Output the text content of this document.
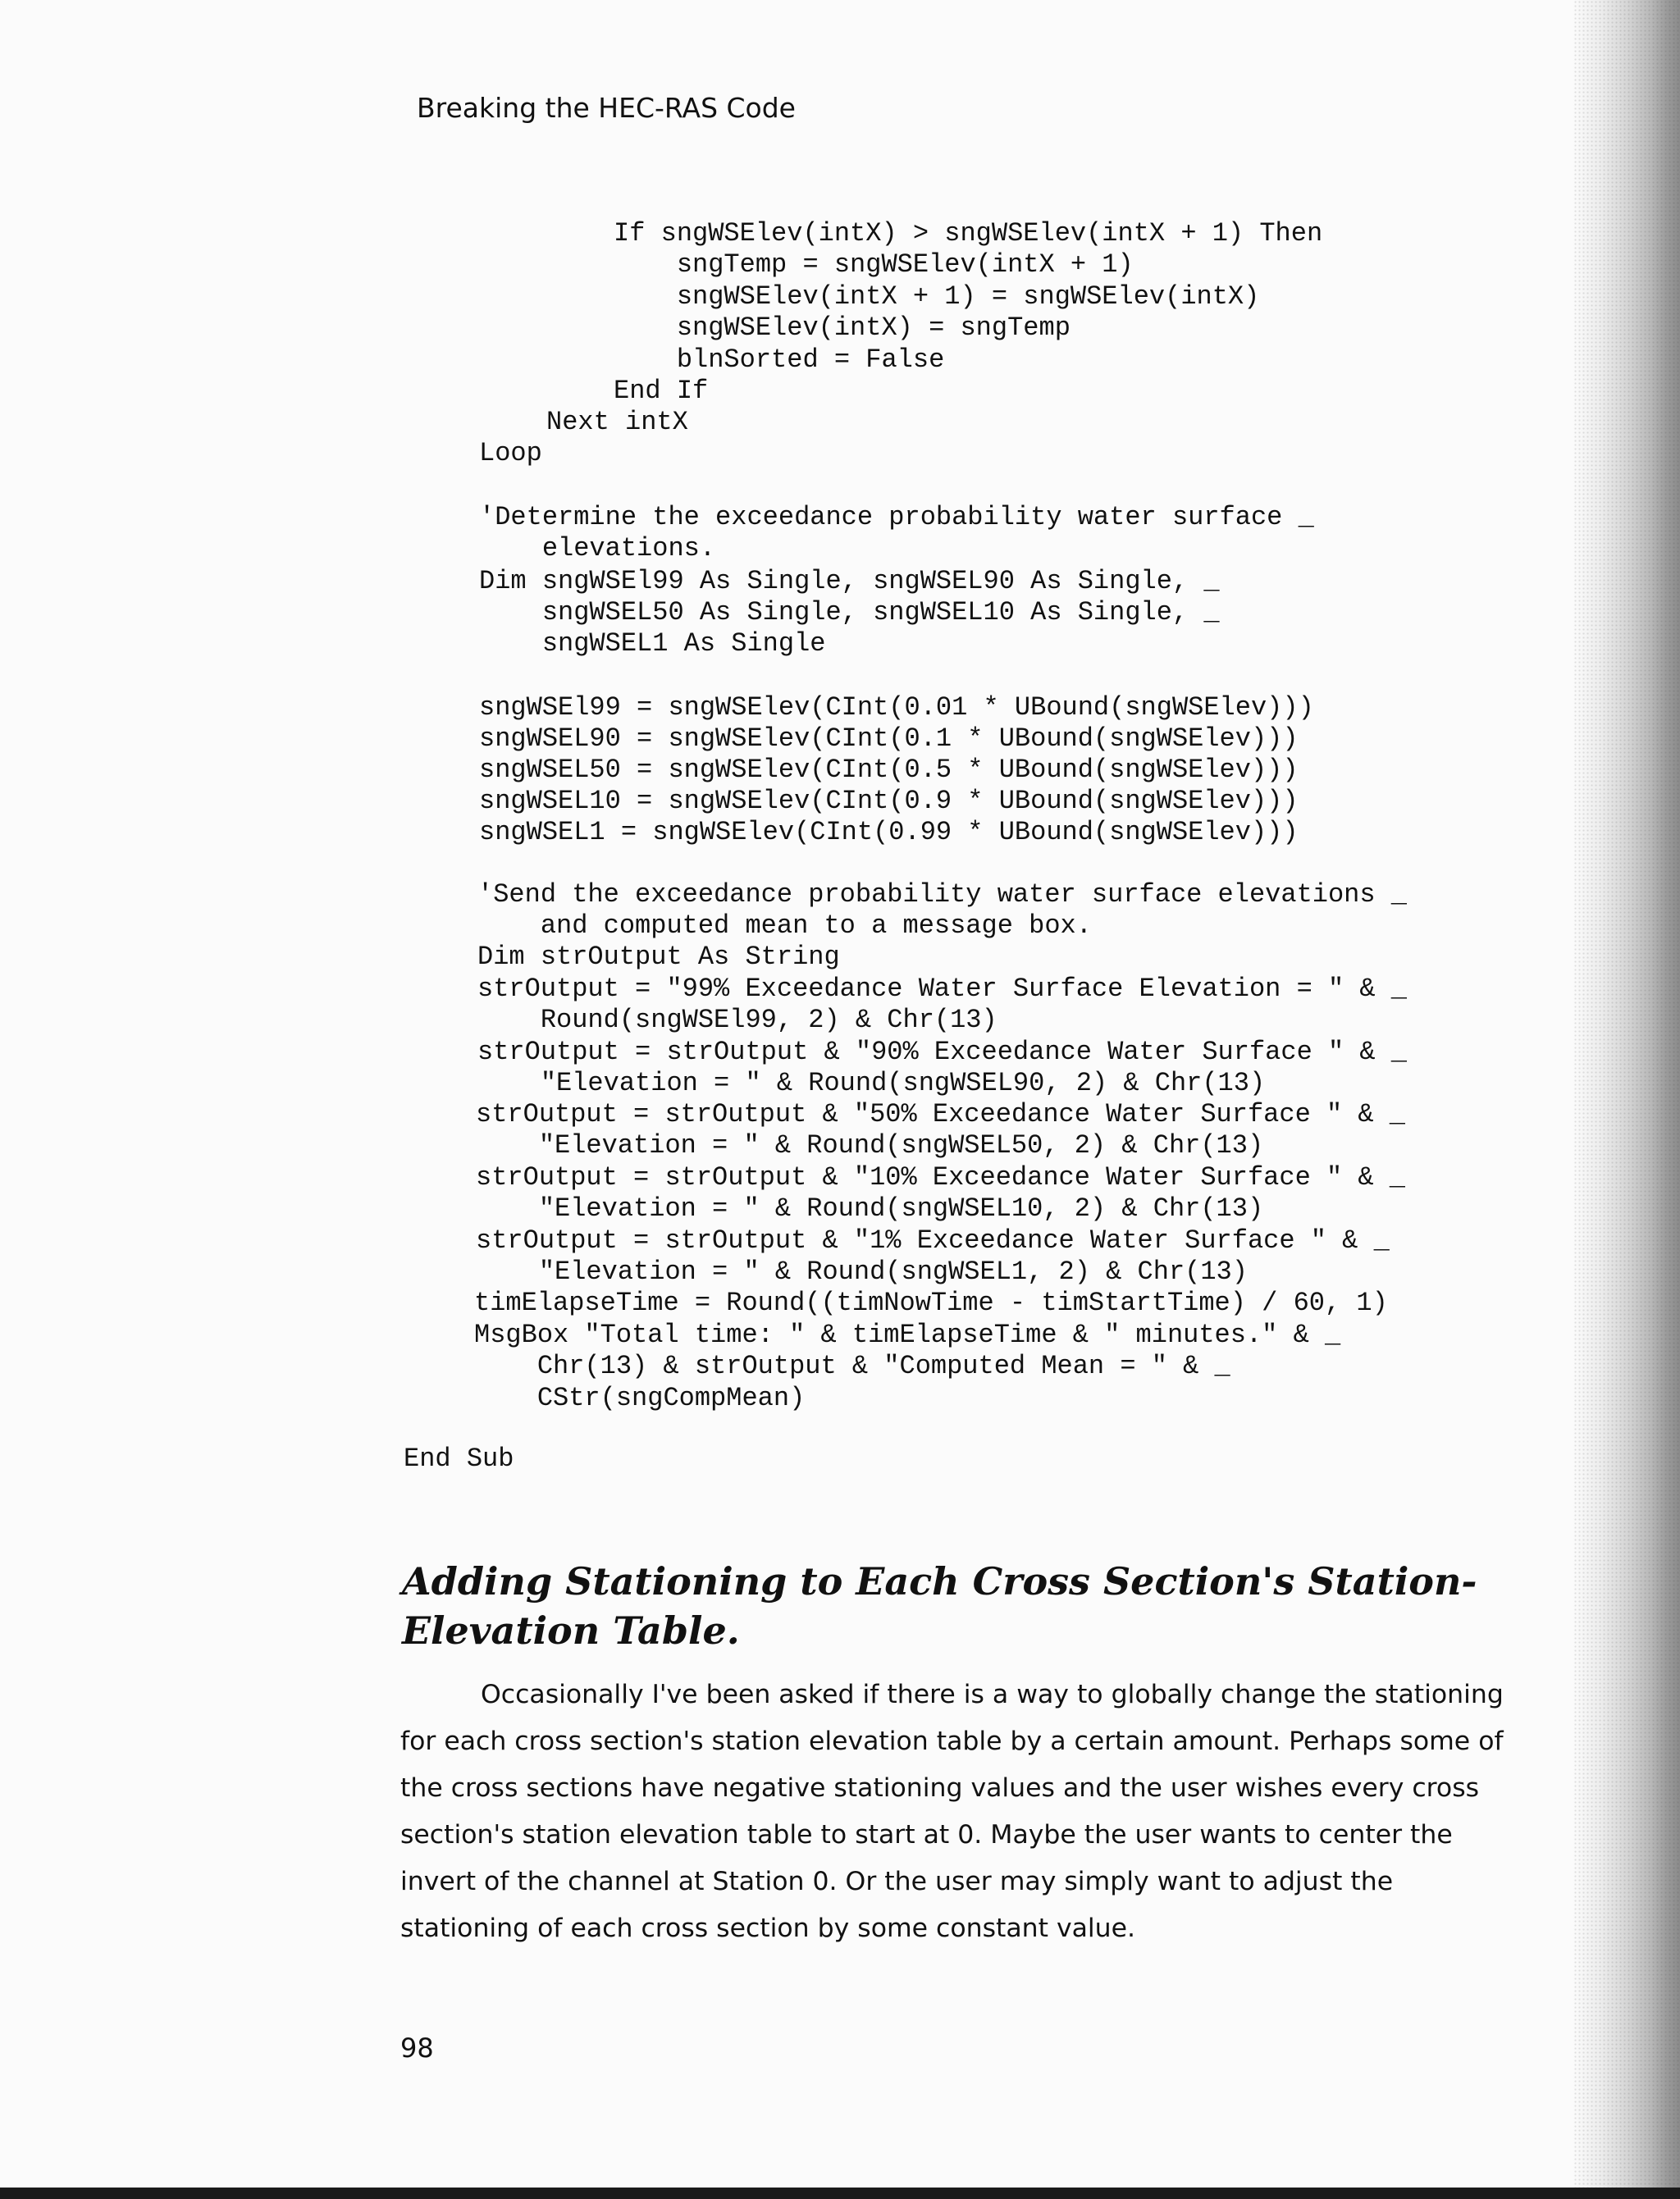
Breaking the HEC-RAS Code
If sngWSElev(intX) > sngWSElev(intX + 1) Then
sngTemp = sngWSElev(intX + 1)
sngWSElev(intX + 1) = sngWSElev(intX)
sngWSElev(intX) = sngTemp
blnSorted = False
End If
Next intX
Loop
'Determine the exceedance probability water surface _
elevations.
Dim sngWSEl99 As Single, sngWSEL90 As Single, _
sngWSEL50 As Single, sngWSEL10 As Single, _
sngWSEL1 As Single
sngWSEl99 = sngWSElev(CInt(0.01 * UBound(sngWSElev)))
sngWSEL90 = sngWSElev(CInt(0.1 * UBound(sngWSElev)))
sngWSEL50 = sngWSElev(CInt(0.5 * UBound(sngWSElev)))
sngWSEL10 = sngWSElev(CInt(0.9 * UBound(sngWSElev)))
sngWSEL1 = sngWSElev(CInt(0.99 * UBound(sngWSElev)))
'Send the exceedance probability water surface elevations _
and computed mean to a message box.
Dim strOutput As String
strOutput = "99% Exceedance Water Surface Elevation = " & _
Round(sngWSEl99, 2) & Chr(13)
strOutput = strOutput & "90% Exceedance Water Surface " & _
"Elevation = " & Round(sngWSEL90, 2) & Chr(13)
strOutput = strOutput & "50% Exceedance Water Surface " & _
"Elevation = " & Round(sngWSEL50, 2) & Chr(13)
strOutput = strOutput & "10% Exceedance Water Surface " & _
"Elevation = " & Round(sngWSEL10, 2) & Chr(13)
strOutput = strOutput & "1% Exceedance Water Surface " & _
"Elevation = " & Round(sngWSEL1, 2) & Chr(13)
timElapseTime = Round((timNowTime - timStartTime) / 60, 1)
MsgBox "Total time: " & timElapseTime & " minutes." & _
Chr(13) & strOutput & "Computed Mean = " & _
CStr(sngCompMean)
End Sub
Adding Stationing to Each Cross Section's Station-Elevation Table.

Occasionally I've been asked if there is a way to globally change the stationing for each cross section's station elevation table by a certain amount. Perhaps some of the cross sections have negative stationing values and the user wishes every cross section's station elevation table to start at 0. Maybe the user wants to center the invert of the channel at Station 0. Or the user may simply want to adjust the stationing of each cross section by some constant value.

98
